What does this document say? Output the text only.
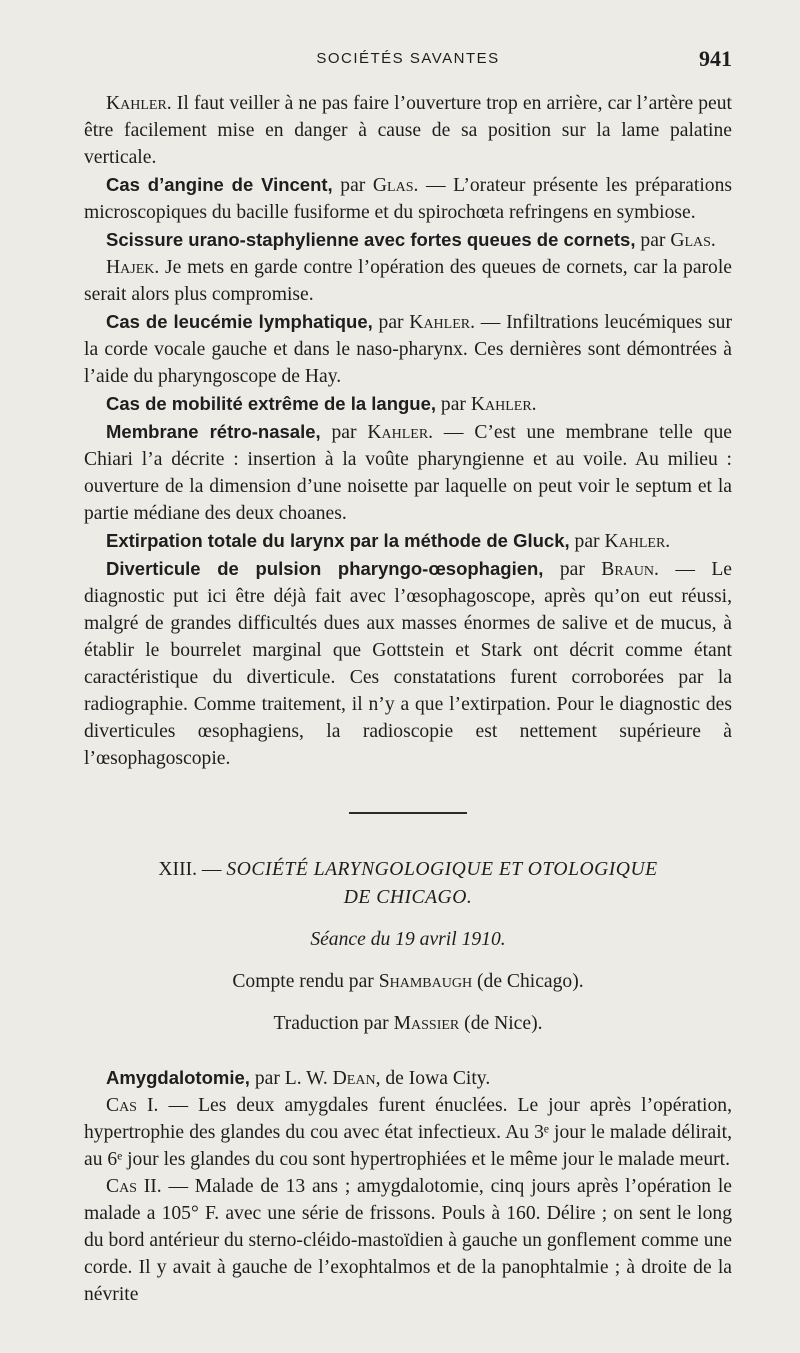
SOCIÉTÉS SAVANTES	941

Kahler. Il faut veiller à ne pas faire l’ouverture trop en arrière, car l’artère peut être facilement mise en danger à cause de sa position sur la lame palatine verticale.

Cas d’angine de Vincent, par Glas. — L’orateur présente les préparations microscopiques du bacille fusiforme et du spirochœta refringens en symbiose.

Scissure urano-staphylienne avec fortes queues de cornets, par Glas.

Hajek. Je mets en garde contre l’opération des queues de cornets, car la parole serait alors plus compromise.

Cas de leucémie lymphatique, par Kahler. — Infiltrations leucémiques sur la corde vocale gauche et dans le naso-pharynx. Ces dernières sont démontrées à l’aide du pharyngoscope de Hay.

Cas de mobilité extrême de la langue, par Kahler.

Membrane rétro-nasale, par Kahler. — C’est une membrane telle que Chiari l’a décrite : insertion à la voûte pharyngienne et au voile. Au milieu : ouverture de la dimension d’une noisette par laquelle on peut voir le septum et la partie médiane des deux choanes.

Extirpation totale du larynx par la méthode de Gluck, par Kahler.

Diverticule de pulsion pharyngo-œsophagien, par Braun. — Le diagnostic put ici être déjà fait avec l’œsophagoscope, après qu’on eut réussi, malgré de grandes difficultés dues aux masses énormes de salive et de mucus, à établir le bourrelet marginal que Gottstein et Stark ont décrit comme étant caractéristique du diverticule. Ces constatations furent corroborées par la radiographie. Comme traitement, il n’y a que l’extirpation. Pour le diagnostic des diverticules œsophagiens, la radioscopie est nettement supérieure à l’œsophagoscopie.

XIII. — SOCIÉTÉ LARYNGOLOGIQUE ET OTOLOGIQUE
DE CHICAGO.
Séance du 19 avril 1910.
Compte rendu par Shambaugh (de Chicago).
Traduction par Massier (de Nice).

Amygdalotomie, par L. W. Dean, de Iowa City.

Cas I. — Les deux amygdales furent énuclées. Le jour après l’opération, hypertrophie des glandes du cou avec état infectieux. Au 3ᵉ jour le malade délirait, au 6ᵉ jour les glandes du cou sont hypertrophiées et le même jour le malade meurt.

Cas II. — Malade de 13 ans ; amygdalotomie, cinq jours après l’opération le malade a 105° F. avec une série de frissons. Pouls à 160. Délire ; on sent le long du bord antérieur du sterno-cléido-mastoïdien à gauche un gonflement comme une corde. Il y avait à gauche de l’exophtalmos et de la panophtalmie ; à droite de la névrite
